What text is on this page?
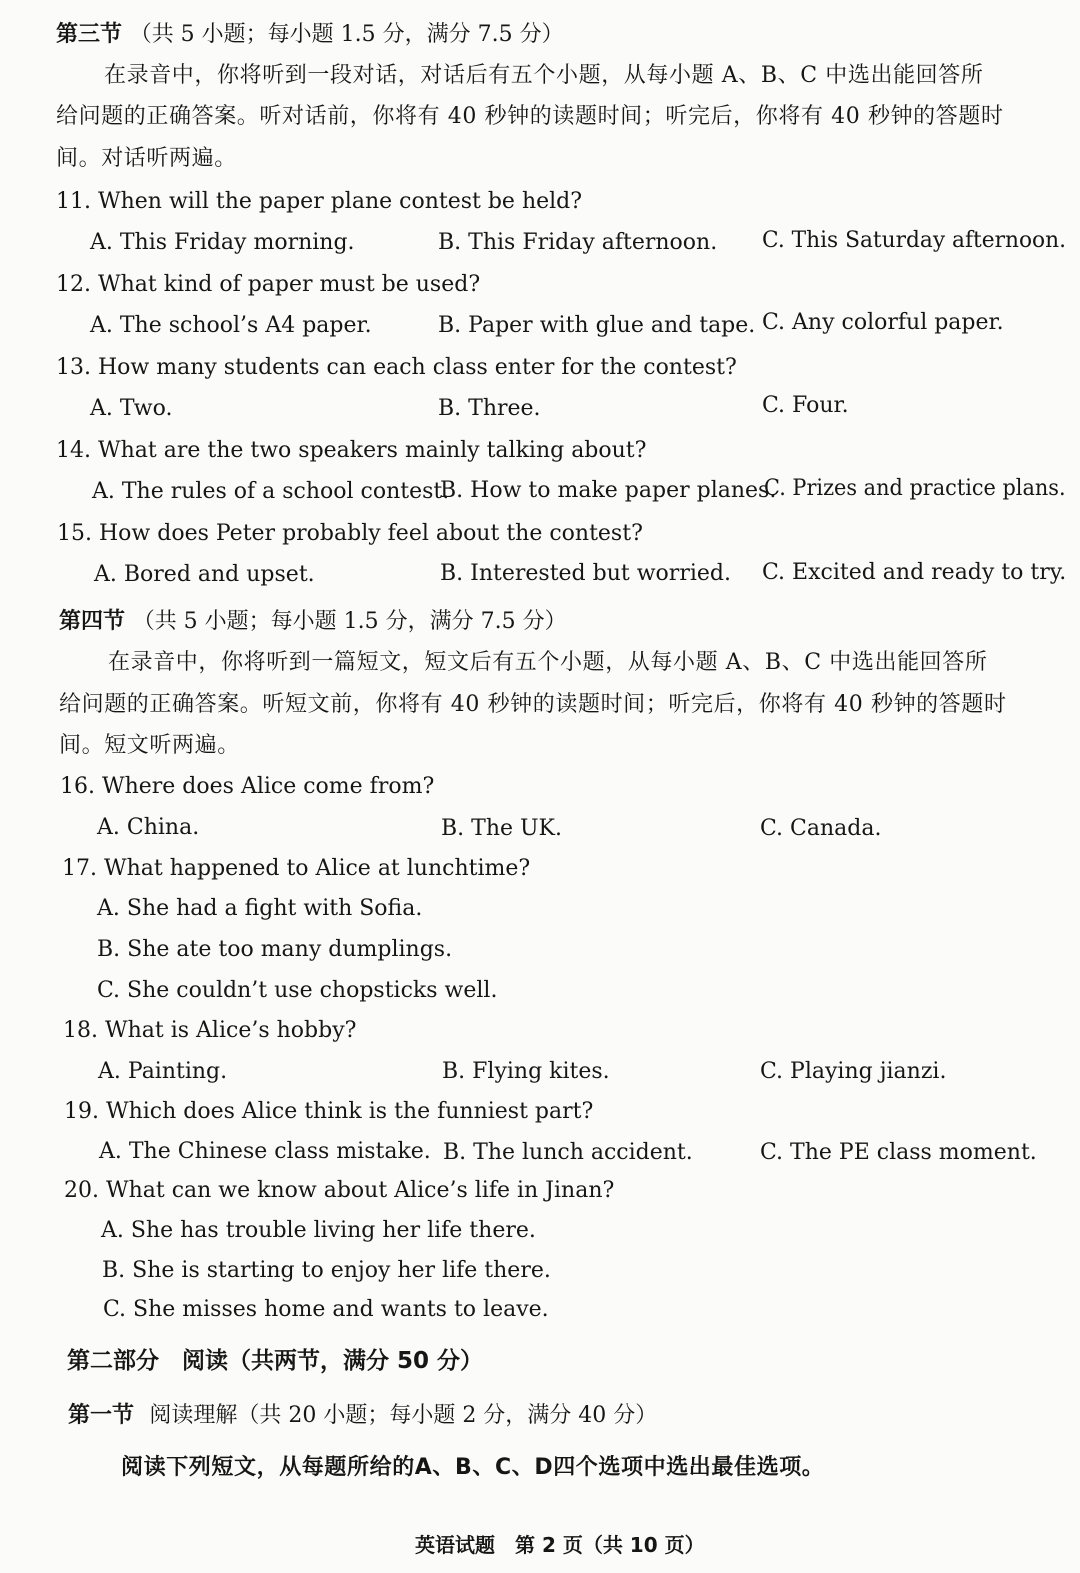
第三节 （共 5 小题；每小题 1.5 分，满分 7.5 分）
在录音中，你将听到一段对话，对话后有五个小题，从每小题 A、B、C 中选出能回答所
给问题的正确答案。听对话前，你将有 40 秒钟的读题时间；听完后，你将有 40 秒钟的答题时
间。对话听两遍。
11. When will the paper plane contest be held?
A. This Friday morning.	B. This Friday afternoon. C. This Saturday afternoon.
12. What kind of paper must be used?
A. The school’s A4 paper.	B. Paper with glue and tape. C. Any colorful paper.
13. How many students can each class enter for the contest?
A. Two.	B. Three.	C. Four.
14. What are the two speakers mainly talking about?
A. The rules of a school contest.
B. How to make paper planes.
C. Prizes and practice plans.
15. How does Peter probably feel about the contest?
A. Bored and upset.	B. Interested but worried. C. Excited and ready to try.
第四节 （共 5 小题；每小题 1.5 分，满分 7.5 分）
在录音中，你将听到一篇短文，短文后有五个小题，从每小题 A、B、C 中选出能回答所
给问题的正确答案。听短文前，你将有 40 秒钟的读题时间；听完后，你将有 40 秒钟的答题时
间。短文听两遍。
16. Where does Alice come from?
A. China.	B. The UK.	C. Canada.
17. What happened to Alice at lunchtime?
A. She had a fight with Sofia.
B. She ate too many dumplings.
C. She couldn’t use chopsticks well.
18. What is Alice’s hobby?
A. Painting.	B. Flying kites.	C. Playing jianzi.
19. Which does Alice think is the funniest part?
A. The Chinese class mistake. B. The lunch accident.	C. The PE class moment.
20. What can we know about Alice’s life in Jinan?
A. She has trouble living her life there.
B. She is starting to enjoy her life there.
C. She misses home and wants to leave.
第二部分　阅读（共两节，满分 50 分）
第一节 阅读理解（共 20 小题；每小题 2 分，满分 40 分）
阅读下列短文，从每题所给的A、B、C、D四个选项中选出最佳选项。
英语试题　第 2 页（共 10 页）
